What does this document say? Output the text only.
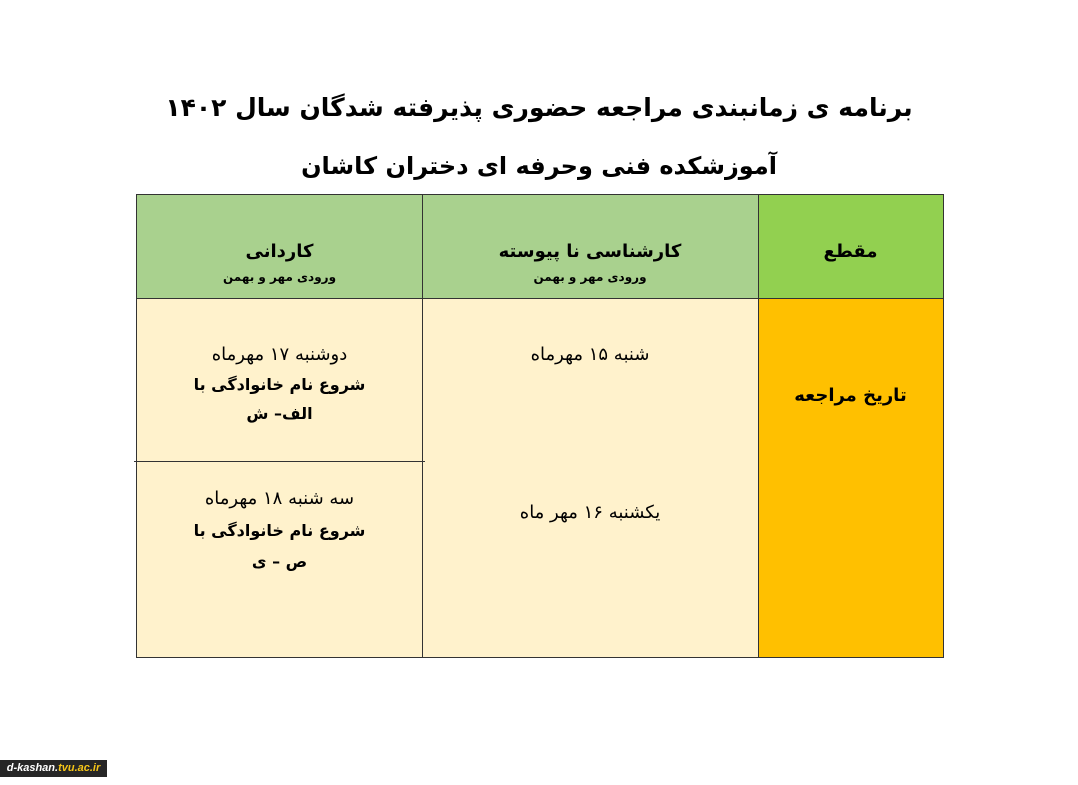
برنامه ی زمانبندی مراجعه حضوری پذیرفته شدگان سال ۱۴۰۲
آموزشکده فنی وحرفه ای دختران کاشان
کاردانی
ورودی مهر و بهمن
کارشناسی نا پیوسته
ورودی مهر و بهمن
مقطع
دوشنبه ۱۷ مهرماه
شروع نام خانوادگی با
الف– ش
سه شنبه ۱۸ مهرماه
شروع نام خانوادگی با
ص – ی
شنبه ۱۵ مهرماه
یکشنبه ۱۶ مهر ماه
تاریخ مراجعه
d-kashan.tvu.ac.ir
